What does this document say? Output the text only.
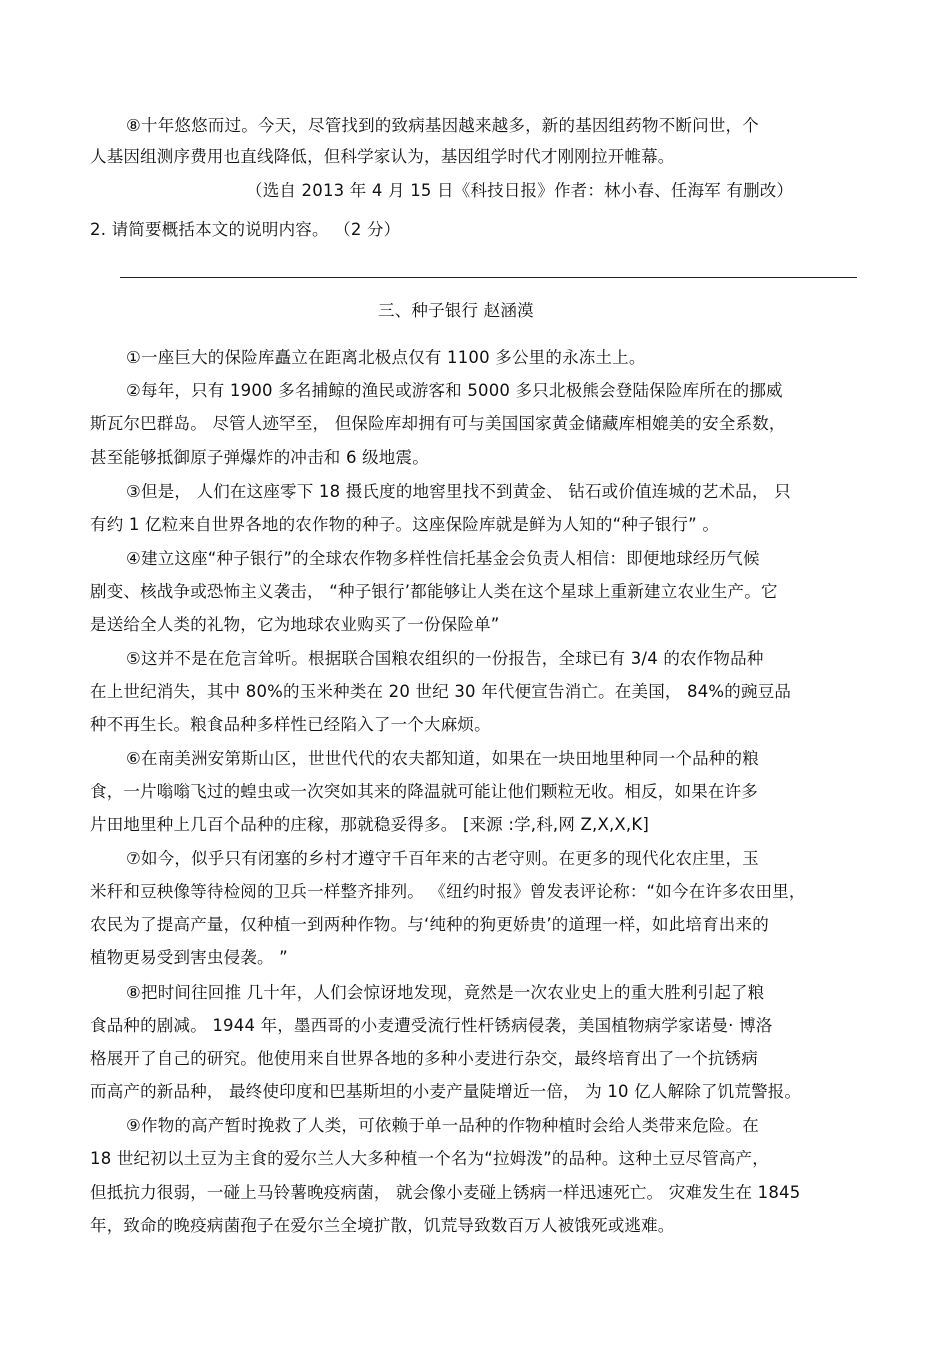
⑧十年悠悠而过。今天，尽管找到的致病基因越来越多，新的基因组药物不断问世，个
人基因组测序费用也直线降低，但科学家认为，基因组学时代才刚刚拉开帷幕。
（选自 2013 年 4 月 15 日《科技日报》作者：林小春、任海军 有删改）
2. 请简要概括本文的说明内容。 （2 分）
三、种子银行 赵涵漠
①一座巨大的保险库矗立在距离北极点仅有 1100 多公里的永冻土上。
②每年，只有 1900 多名捕鲸的渔民或游客和 5000 多只北极熊会登陆保险库所在的挪威
斯瓦尔巴群岛。 尽管人迹罕至， 但保险库却拥有可与美国国家黄金储藏库相媲美的安全系数，
甚至能够抵御原子弹爆炸的冲击和 6 级地震。
③但是， 人们在这座零下 18 摄氏度的地窖里找不到黄金、 钻石或价值连城的艺术品， 只
有约 1 亿粒来自世界各地的农作物的种子。这座保险库就是鲜为人知的“种子银行” 。
④建立这座“种子银行”的全球农作物多样性信托基金会负责人相信：即便地球经历气候
剧变、核战争或恐怖主义袭击， “种子银行’都能够让人类在这个星球上重新建立农业生产。它
是送给全人类的礼物，它为地球农业购买了一份保险单”
⑤这并不是在危言耸听。根据联合国粮农组织的一份报告，全球已有 3/4 的农作物品种
在上世纪消失，其中 80%的玉米种类在 20 世纪 30 年代便宣告消亡。在美国， 84%的豌豆品
种不再生长。粮食品种多样性已经陷入了一个大麻烦。
⑥在南美洲安第斯山区，世世代代的农夫都知道，如果在一块田地里种同一个品种的粮
食，一片嗡嗡飞过的蝗虫或一次突如其来的降温就可能让他们颗粒无收。相反，如果在许多
片田地里种上几百个品种的庄稼，那就稳妥得多。 [来源 :学,科,网 Z,X,X,K]
⑦如今，似乎只有闭塞的乡村才遵守千百年来的古老守则。在更多的现代化农庄里，玉
米秆和豆秧像等待检阅的卫兵一样整齐排列。 《纽约时报》曾发表评论称：“如今在许多农田里，
农民为了提高产量，仅种植一到两种作物。与‘纯种的狗更娇贵’的道理一样，如此培育出来的
植物更易受到害虫侵袭。 ”
⑧把时间往回推 几十年，人们会惊讶地发现，竟然是一次农业史上的重大胜利引起了粮
食品种的剧减。 1944 年，墨西哥的小麦遭受流行性杆锈病侵袭，美国植物病学家诺曼· 博洛
格展开了自己的研究。他使用来自世界各地的多种小麦进行杂交，最终培育出了一个抗锈病
而高产的新品种， 最终使印度和巴基斯坦的小麦产量陡增近一倍， 为 10 亿人解除了饥荒警报。
⑨作物的高产暂时挽救了人类，可依赖于单一品种的作物种植时会给人类带来危险。在
18 世纪初以土豆为主食的爱尔兰人大多种植一个名为“拉姆泼”的品种。这种土豆尽管高产，
但抵抗力很弱，一碰上马铃薯晚疫病菌， 就会像小麦碰上锈病一样迅速死亡。 灾难发生在 1845
年，致命的晚疫病菌孢子在爱尔兰全境扩散，饥荒导致数百万人被饿死或逃难。
